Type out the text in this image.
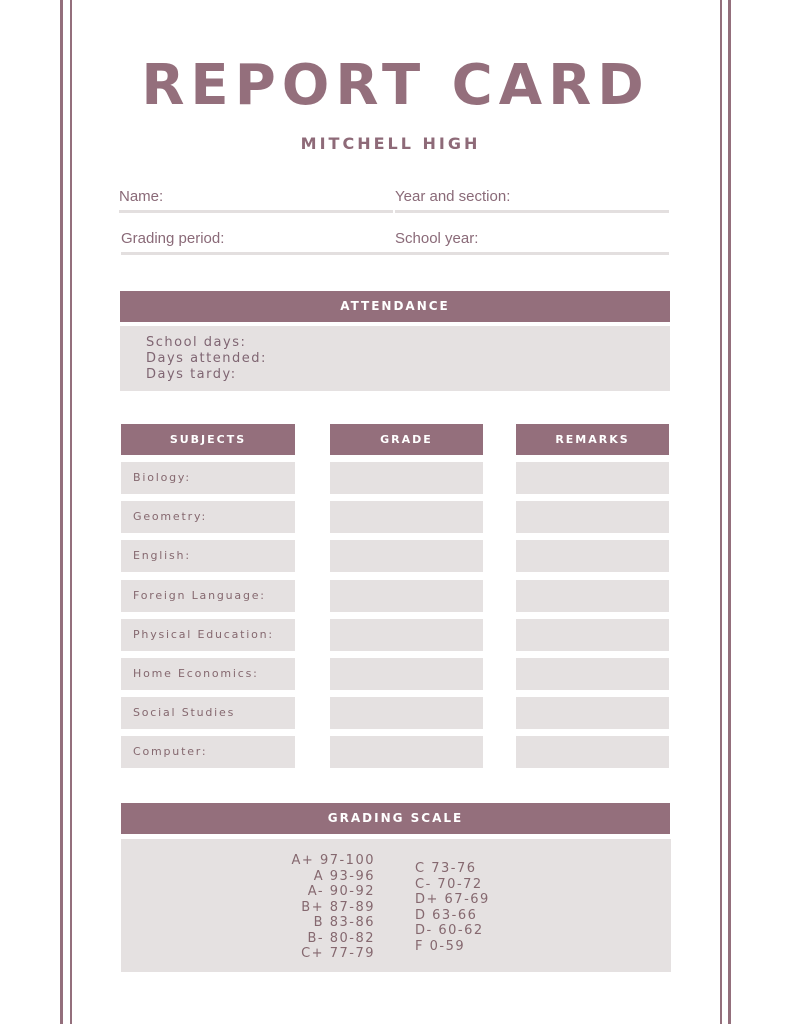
REPORT CARD
MITCHELL HIGH
Name:	Year and section:
Grading period:	School year:
ATTENDANCE
School days:
Days attended:
Days tardy:
SUBJECTS	GRADE	REMARKS
Biology:
Geometry:
English:
Foreign Language:
Physical Education:
Home Economics:
Social Studies
Computer:
GRADING SCALE
A+ 97-100
A 93-96
A- 90-92
B+ 87-89
B 83-86
B- 80-82
C+ 77-79
C 73-76
C- 70-72
D+ 67-69
D 63-66
D- 60-62
F 0-59
